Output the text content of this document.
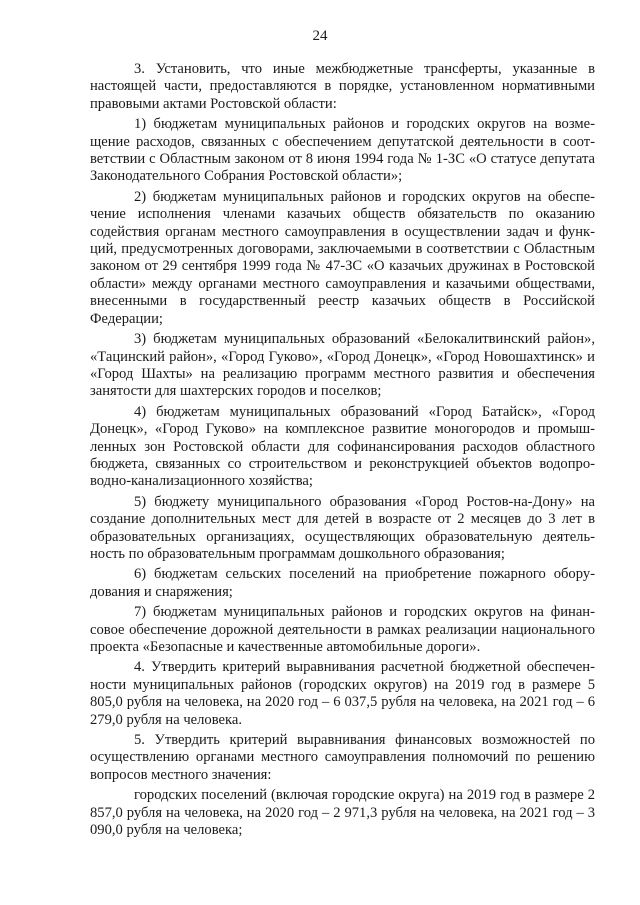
24

3. Установить, что иные межбюджетные трансферты, указанные в настоящей части, предоставляются в порядке, установленном нормативными правовыми актами Ростовской области:

1) бюджетам муниципальных районов и городских округов на возмещение расходов, связанных с обеспечением депутатской деятельности в соответствии с Областным законом от 8 июня 1994 года № 1-ЗС «О статусе депутата Законодательного Собрания Ростовской области»;

2) бюджетам муниципальных районов и городских округов на обеспечение исполнения членами казачьих обществ обязательств по оказанию содействия органам местного самоуправления в осуществлении задач и функций, предусмотренных договорами, заключаемыми в соответствии с Областным законом от 29 сентября 1999 года № 47-ЗС «О казачьих дружинах в Ростовской области» между органами местного самоуправления и казачьими обществами, внесенными в государственный реестр казачьих обществ в Российской Федерации;

3) бюджетам муниципальных образований «Белокалитвинский район», «Тацинский район», «Город Гуково», «Город Донецк», «Город Новошахтинск» и «Город Шахты» на реализацию программ местного развития и обеспечения занятости для шахтерских городов и поселков;

4) бюджетам муниципальных образований «Город Батайск», «Город Донецк», «Город Гуково» на комплексное развитие моногородов и промышленных зон Ростовской области для софинансирования расходов областного бюджета, связанных со строительством и реконструкцией объектов водопроводно-канализационного хозяйства;

5) бюджету муниципального образования «Город Ростов-на-Дону» на создание дополнительных мест для детей в возрасте от 2 месяцев до 3 лет в образовательных организациях, осуществляющих образовательную деятельность по образовательным программам дошкольного образования;

6) бюджетам сельских поселений на приобретение пожарного оборудования и снаряжения;

7) бюджетам муниципальных районов и городских округов на финансовое обеспечение дорожной деятельности в рамках реализации национального проекта «Безопасные и качественные автомобильные дороги».

4. Утвердить критерий выравнивания расчетной бюджетной обеспеченности муниципальных районов (городских округов) на 2019 год в размере 5 805,0 рубля на человека, на 2020 год – 6 037,5 рубля на человека, на 2021 год – 6 279,0 рубля на человека.

5. Утвердить критерий выравнивания финансовых возможностей по осуществлению органами местного самоуправления полномочий по решению вопросов местного значения:

городских поселений (включая городские округа) на 2019 год в размере 2 857,0 рубля на человека, на 2020 год – 2 971,3 рубля на человека, на 2021 год – 3 090,0 рубля на человека;
